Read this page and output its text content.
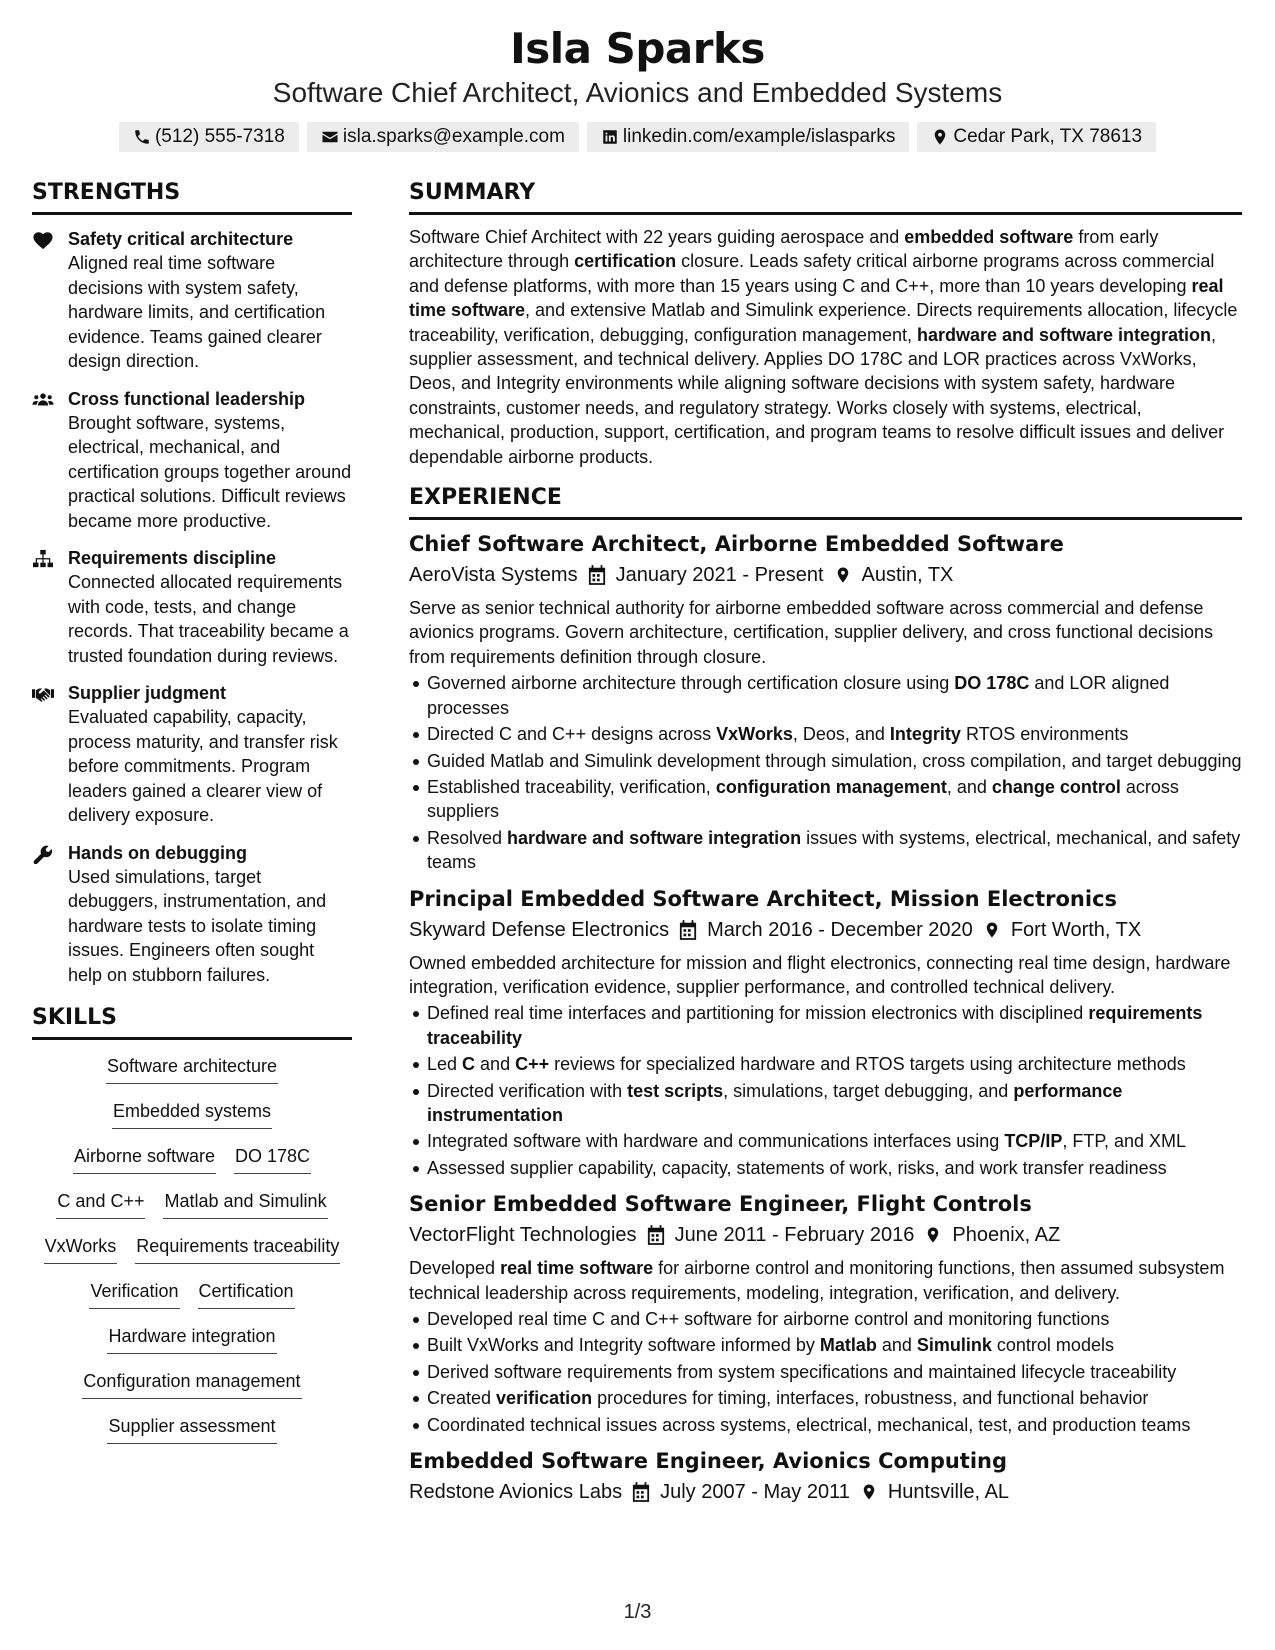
Isla Sparks
Software Chief Architect, Avionics and Embedded Systems
(512) 555-7318	isla.sparks@example.com	linkedin.com/example/islasparks	Cedar Park, TX 78613
STRENGTHS
Safety critical architecture
Aligned real time software decisions with system safety, hardware limits, and certification evidence. Teams gained clearer design direction.
Cross functional leadership
Brought software, systems, electrical, mechanical, and certification groups together around practical solutions. Difficult reviews became more productive.
Requirements discipline
Connected allocated requirements with code, tests, and change records. That traceability became a trusted foundation during reviews.
Supplier judgment
Evaluated capability, capacity, process maturity, and transfer risk before commitments. Program leaders gained a clearer view of delivery exposure.
Hands on debugging
Used simulations, target debuggers, instrumentation, and hardware tests to isolate timing issues. Engineers often sought help on stubborn failures.
SKILLS
Software architecture
Embedded systems
Airborne software DO 178C
C and C++ Matlab and Simulink
VxWorks Requirements traceability
Verification Certification
Hardware integration
Configuration management
Supplier assessment
SUMMARY
Software Chief Architect with 22 years guiding aerospace and embedded software from early architecture through certification closure. Leads safety critical airborne programs across commercial and defense platforms, with more than 15 years using C and C++, more than 10 years developing real time software, and extensive Matlab and Simulink experience. Directs requirements allocation, lifecycle traceability, verification, debugging, configuration management, hardware and software integration, supplier assessment, and technical delivery. Applies DO 178C and LOR practices across VxWorks, Deos, and Integrity environments while aligning software decisions with system safety, hardware constraints, customer needs, and regulatory strategy. Works closely with systems, electrical, mechanical, production, support, certification, and program teams to resolve difficult issues and deliver dependable airborne products.
EXPERIENCE
Chief Software Architect, Airborne Embedded Software
AeroVista Systems January 2021 - Present Austin, TX
Serve as senior technical authority for airborne embedded software across commercial and defense avionics programs. Govern architecture, certification, supplier delivery, and cross functional decisions from requirements definition through closure.
Governed airborne architecture through certification closure using DO 178C and LOR aligned processes
Directed C and C++ designs across VxWorks, Deos, and Integrity RTOS environments
Guided Matlab and Simulink development through simulation, cross compilation, and target debugging
Established traceability, verification, configuration management, and change control across suppliers
Resolved hardware and software integration issues with systems, electrical, mechanical, and safety teams
Principal Embedded Software Architect, Mission Electronics
Skyward Defense Electronics March 2016 - December 2020 Fort Worth, TX
Owned embedded architecture for mission and flight electronics, connecting real time design, hardware integration, verification evidence, supplier performance, and controlled technical delivery.
Defined real time interfaces and partitioning for mission electronics with disciplined requirements traceability
Led C and C++ reviews for specialized hardware and RTOS targets using architecture methods
Directed verification with test scripts, simulations, target debugging, and performance instrumentation
Integrated software with hardware and communications interfaces using TCP/IP, FTP, and XML
Assessed supplier capability, capacity, statements of work, risks, and work transfer readiness
Senior Embedded Software Engineer, Flight Controls
VectorFlight Technologies June 2011 - February 2016 Phoenix, AZ
Developed real time software for airborne control and monitoring functions, then assumed subsystem technical leadership across requirements, modeling, integration, verification, and delivery.
Developed real time C and C++ software for airborne control and monitoring functions
Built VxWorks and Integrity software informed by Matlab and Simulink control models
Derived software requirements from system specifications and maintained lifecycle traceability
Created verification procedures for timing, interfaces, robustness, and functional behavior
Coordinated technical issues across systems, electrical, mechanical, test, and production teams
Embedded Software Engineer, Avionics Computing
Redstone Avionics Labs July 2007 - May 2011 Huntsville, AL
1/3
